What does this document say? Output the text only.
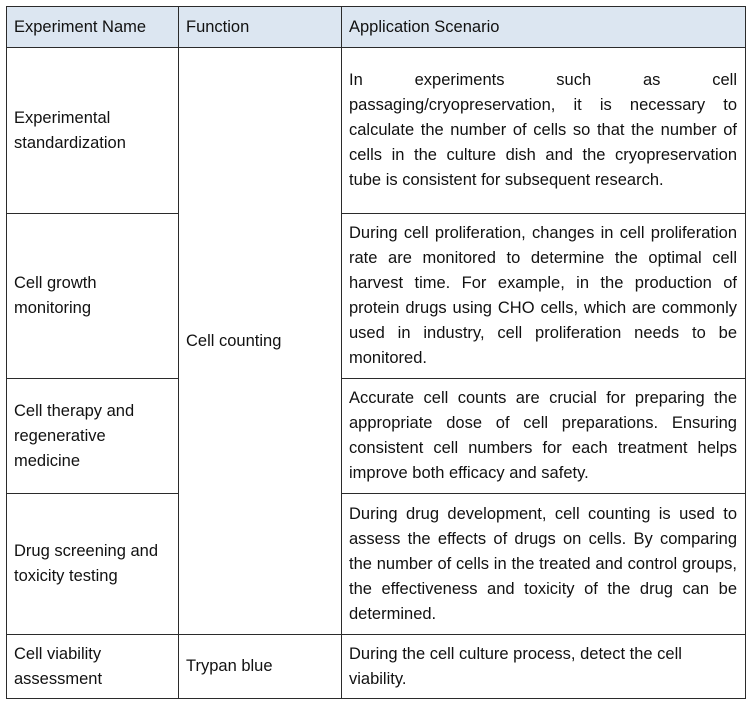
Experiment Name	Function	Application Scenario
Experimental standardization	Cell counting	In experiments such as cell passaging/cryopreservation, it is necessary to calculate the number of cells so that the number of cells in the culture dish and the cryopreservation tube is consistent for subsequent research.
Cell growth monitoring		During cell proliferation, changes in cell proliferation rate are monitored to determine the optimal cell harvest time. For example, in the production of protein drugs using CHO cells, which are commonly used in industry, cell proliferation needs to be monitored.
Cell therapy and regenerative medicine		Accurate cell counts are crucial for preparing the appropriate dose of cell preparations. Ensuring consistent cell numbers for each treatment helps improve both efficacy and safety.
Drug screening and toxicity testing		During drug development, cell counting is used to assess the effects of drugs on cells. By comparing the number of cells in the treated and control groups, the effectiveness and toxicity of the drug can be determined.
Cell viability assessment	Trypan blue	During the cell culture process, detect the cell viability.
